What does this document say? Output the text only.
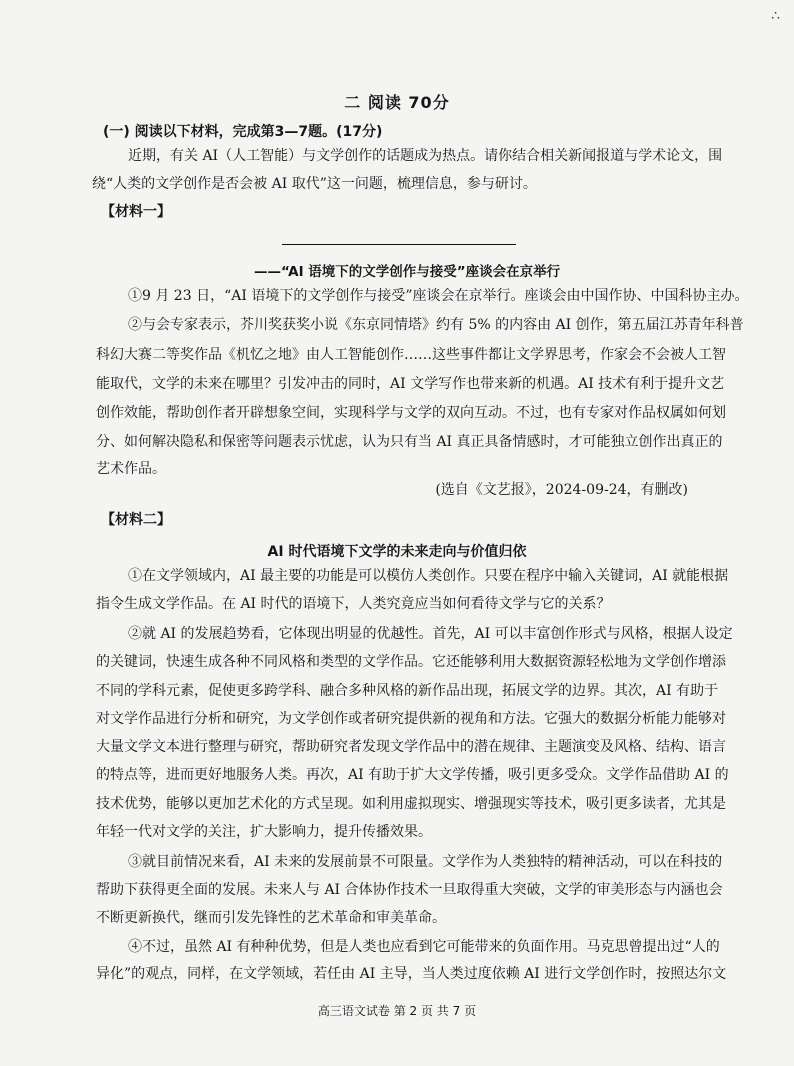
∴
二 阅读 70分
(一) 阅读以下材料，完成第3—7题。(17分)
近期，有关 AI（人工智能）与文学创作的话题成为热点。请你结合相关新闻报道与学术论文，围
绕“人类的文学创作是否会被 AI 取代”这一问题，梳理信息，参与研讨。
【材料一】
——“AI 语境下的文学创作与接受”座谈会在京举行
①9 月 23 日，“AI 语境下的文学创作与接受”座谈会在京举行。座谈会由中国作协、中国科协主办。
②与会专家表示，芥川奖获奖小说《东京同情塔》约有 5% 的内容由 AI 创作，第五届江苏青年科普
科幻大赛二等奖作品《机忆之地》由人工智能创作……这些事件都让文学界思考，作家会不会被人工智
能取代，文学的未来在哪里？引发冲击的同时，AI 文学写作也带来新的机遇。AI 技术有利于提升文艺
创作效能，帮助创作者开辟想象空间，实现科学与文学的双向互动。不过，也有专家对作品权属如何划
分、如何解决隐私和保密等问题表示忧虑，认为只有当 AI 真正具备情感时，才可能独立创作出真正的
艺术作品。
(选自《文艺报》，2024-09-24，有删改)
【材料二】
AI 时代语境下文学的未来走向与价值归依
①在文学领域内，AI 最主要的功能是可以模仿人类创作。只要在程序中输入关键词，AI 就能根据
指令生成文学作品。在 AI 时代的语境下，人类究竟应当如何看待文学与它的关系？
②就 AI 的发展趋势看，它体现出明显的优越性。首先，AI 可以丰富创作形式与风格，根据人设定
的关键词，快速生成各种不同风格和类型的文学作品。它还能够利用大数据资源轻松地为文学创作增添
不同的学科元素，促使更多跨学科、融合多种风格的新作品出现，拓展文学的边界。其次，AI 有助于
对文学作品进行分析和研究，为文学创作或者研究提供新的视角和方法。它强大的数据分析能力能够对
大量文学文本进行整理与研究，帮助研究者发现文学作品中的潜在规律、主题演变及风格、结构、语言
的特点等，进而更好地服务人类。再次，AI 有助于扩大文学传播，吸引更多受众。文学作品借助 AI 的
技术优势，能够以更加艺术化的方式呈现。如利用虚拟现实、增强现实等技术，吸引更多读者，尤其是
年轻一代对文学的关注，扩大影响力，提升传播效果。
③就目前情况来看，AI 未来的发展前景不可限量。文学作为人类独特的精神活动，可以在科技的
帮助下获得更全面的发展。未来人与 AI 合体协作技术一旦取得重大突破，文学的审美形态与内涵也会
不断更新换代，继而引发先锋性的艺术革命和审美革命。
④不过，虽然 AI 有种种优势，但是人类也应看到它可能带来的负面作用。马克思曾提出过“人的
异化”的观点，同样，在文学领域，若任由 AI 主导，当人类过度依赖 AI 进行文学创作时，按照达尔文
高三语文试卷 第 2 页 共 7 页
